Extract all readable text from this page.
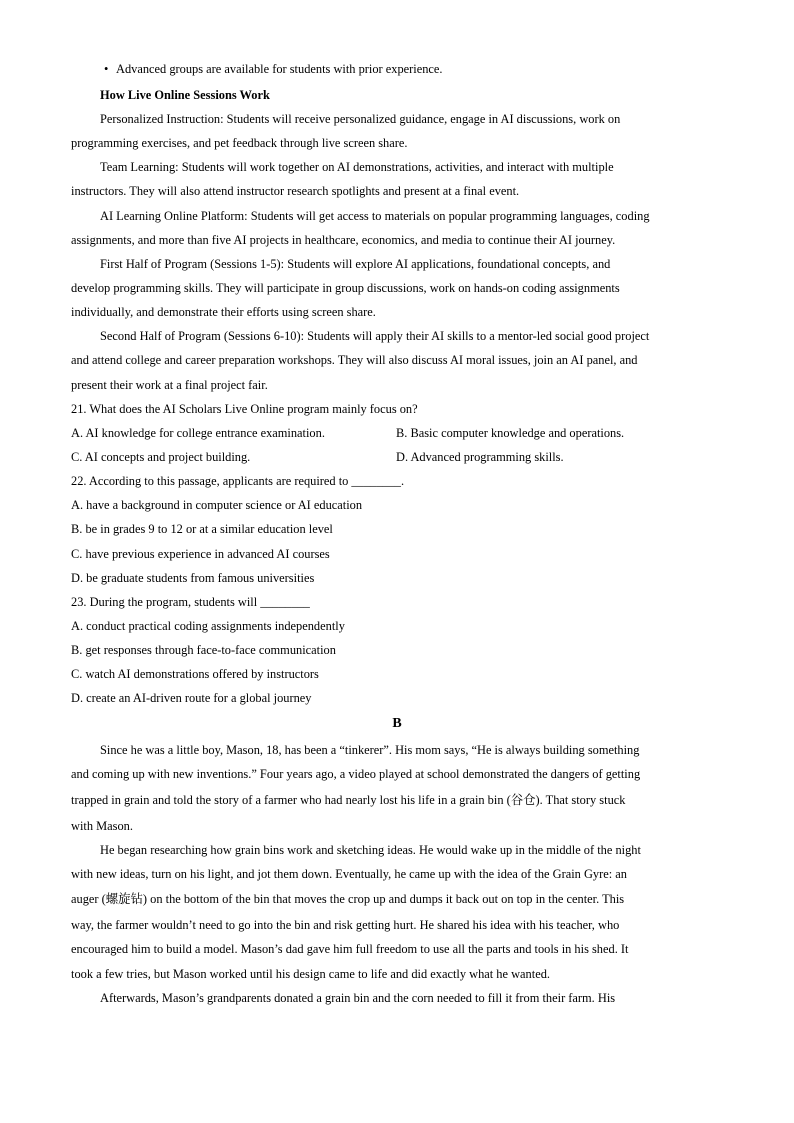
• Advanced groups are available for students with prior experience.
How Live Online Sessions Work
Personalized Instruction: Students will receive personalized guidance, engage in AI discussions, work on
programming exercises, and pet feedback through live screen share.
Team Learning: Students will work together on AI demonstrations, activities, and interact with multiple
instructors. They will also attend instructor research spotlights and present at a final event.
AI Learning Online Platform: Students will get access to materials on popular programming languages, coding
assignments, and more than five AI projects in healthcare, economics, and media to continue their AI journey.
First Half of Program (Sessions 1-5): Students will explore AI applications, foundational concepts, and
develop programming skills. They will participate in group discussions, work on hands-on coding assignments
individually, and demonstrate their efforts using screen share.
Second Half of Program (Sessions 6-10): Students will apply their AI skills to a mentor-led social good project
and attend college and career preparation workshops. They will also discuss AI moral issues, join an AI panel, and
present their work at a final project fair.
21. What does the AI Scholars Live Online program mainly focus on?
A. AI knowledge for college entrance examination.	B. Basic computer knowledge and operations.
C. AI concepts and project building.	D. Advanced programming skills.
22. According to this passage, applicants are required to ________.
A. have a background in computer science or AI education
B. be in grades 9 to 12 or at a similar education level
C. have previous experience in advanced AI courses
D. be graduate students from famous universities
23. During the program, students will ________
A. conduct practical coding assignments independently
B. get responses through face-to-face communication
C. watch AI demonstrations offered by instructors
D. create an AI-driven route for a global journey
B
Since he was a little boy, Mason, 18, has been a “tinkerer”. His mom says, “He is always building something
and coming up with new inventions.” Four years ago, a video played at school demonstrated the dangers of getting
trapped in grain and told the story of a farmer who had nearly lost his life in a grain bin (谷仓). That story stuck
with Mason.
He began researching how grain bins work and sketching ideas. He would wake up in the middle of the night
with new ideas, turn on his light, and jot them down. Eventually, he came up with the idea of the Grain Gyre: an
auger (螺旋钻) on the bottom of the bin that moves the crop up and dumps it back out on top in the center. This
way, the farmer wouldn’t need to go into the bin and risk getting hurt. He shared his idea with his teacher, who
encouraged him to build a model. Mason’s dad gave him full freedom to use all the parts and tools in his shed. It
took a few tries, but Mason worked until his design came to life and did exactly what he wanted.
Afterwards, Mason’s grandparents donated a grain bin and the corn needed to fill it from their farm. His
